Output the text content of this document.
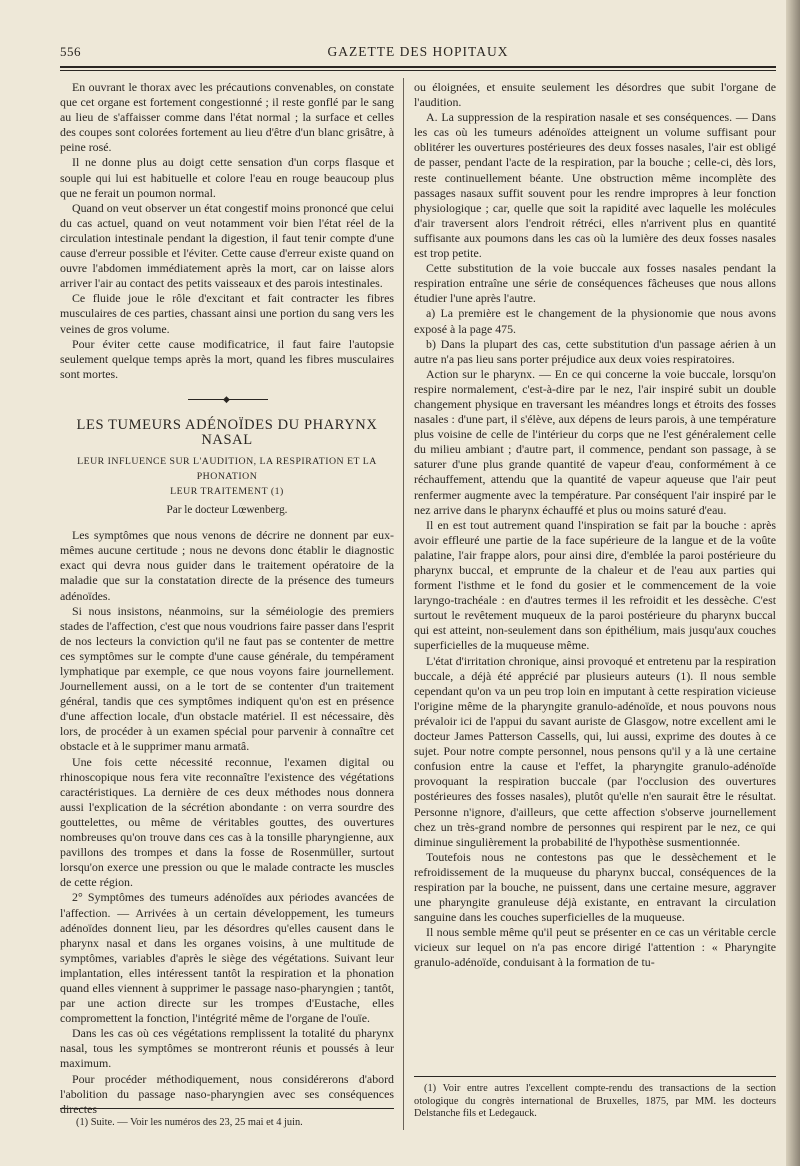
556	GAZETTE DES HOPITAUX

En ouvrant le thorax avec les précautions convenables, on constate que cet organe est fortement congestionné ; il reste gonflé par le sang au lieu de s'affaisser comme dans l'état normal ; la surface et celles des coupes sont colorées fortement au lieu d'être d'un blanc grisâtre, à peine rosé.

Il ne donne plus au doigt cette sensation d'un corps flasque et souple qui lui est habituelle et colore l'eau en rouge beaucoup plus que ne ferait un poumon normal.

Quand on veut observer un état congestif moins prononcé que celui du cas actuel, quand on veut notamment voir bien l'état réel de la circulation intestinale pendant la digestion, il faut tenir compte d'une cause d'erreur possible et l'éviter. Cette cause d'erreur existe quand on ouvre l'abdomen immédiatement après la mort, car on laisse alors arriver l'air au contact des petits vaisseaux et des parois intestinales.

Ce fluide joue le rôle d'excitant et fait contracter les fibres musculaires de ces parties, chassant ainsi une portion du sang vers les veines de gros volume.

Pour éviter cette cause modificatrice, il faut faire l'autopsie seulement quelque temps après la mort, quand les fibres musculaires sont mortes.

◆
LES TUMEURS ADÉNOÏDES DU PHARYNX NASAL
LEUR INFLUENCE SUR L'AUDITION, LA RESPIRATION ET LA PHONATION
LEUR TRAITEMENT (1)
Par le docteur Lœwenberg.

Les symptômes que nous venons de décrire ne donnent par eux-mêmes aucune certitude ; nous ne devons donc établir le diagnostic exact qui devra nous guider dans le traitement opératoire de la maladie que sur la constatation directe de la présence des tumeurs adénoïdes.

Si nous insistons, néanmoins, sur la séméiologie des premiers stades de l'affection, c'est que nous voudrions faire passer dans l'esprit de nos lecteurs la conviction qu'il ne faut pas se contenter de mettre ces symptômes sur le compte d'une cause générale, du tempérament lymphatique par exemple, ce que nous voyons faire journellement. Journellement aussi, on a le tort de se contenter d'un traitement général, tandis que ces symptômes indiquent qu'on est en présence d'une affection locale, d'un obstacle matériel. Il est nécessaire, dès lors, de procéder à un examen spécial pour parvenir à connaître cet obstacle et à le supprimer manu armatâ.

Une fois cette nécessité reconnue, l'examen digital ou rhinoscopique nous fera vite reconnaître l'existence des végétations caractéristiques. La dernière de ces deux méthodes nous donnera aussi l'explication de la sécrétion abondante : on verra sourdre des gouttelettes, ou même de véritables gouttes, des ouvertures nombreuses qu'on trouve dans ces cas à la tonsille pharyngienne, aux pavillons des trompes et dans la fosse de Rosenmüller, surtout lorsqu'on exerce une pression ou que le malade contracte les muscles de cette région.

2° Symptômes des tumeurs adénoïdes aux périodes avancées de l'affection. — Arrivées à un certain développement, les tumeurs adénoïdes donnent lieu, par les désordres qu'elles causent dans le pharynx nasal et dans les organes voisins, à une multitude de symptômes, variables d'après le siège des végétations. Suivant leur implantation, elles intéressent tantôt la respiration et la phonation quand elles viennent à supprimer le passage naso-pharyngien ; tantôt, par une action directe sur les trompes d'Eustache, elles compromettent la fonction, l'intégrité même de l'organe de l'ouïe.

Dans les cas où ces végétations remplissent la totalité du pharynx nasal, tous les symptômes se montreront réunis et poussés à leur maximum.

Pour procéder méthodiquement, nous considérerons d'abord l'abolition du passage naso-pharyngien avec ses conséquences directes

(1) Suite. — Voir les numéros des 23, 25 mai et 4 juin.

ou éloignées, et ensuite seulement les désordres que subit l'organe de l'audition.

A. La suppression de la respiration nasale et ses conséquences. — Dans les cas où les tumeurs adénoïdes atteignent un volume suffisant pour oblitérer les ouvertures postérieures des deux fosses nasales, l'air est obligé de passer, pendant l'acte de la respiration, par la bouche ; celle-ci, dès lors, reste continuellement béante. Une obstruction même incomplète des passages nasaux suffit souvent pour les rendre impropres à leur fonction physiologique ; car, quelle que soit la rapidité avec laquelle les molécules d'air traversent alors l'endroit rétréci, elles n'arrivent plus en quantité suffisante aux poumons dans les cas où la lumière des deux fosses nasales est trop petite.

Cette substitution de la voie buccale aux fosses nasales pendant la respiration entraîne une série de conséquences fâcheuses que nous allons étudier l'une après l'autre.

a) La première est le changement de la physionomie que nous avons exposé à la page 475.

b) Dans la plupart des cas, cette substitution d'un passage aérien à un autre n'a pas lieu sans porter préjudice aux deux voies respiratoires.

Action sur le pharynx. — En ce qui concerne la voie buccale, lorsqu'on respire normalement, c'est-à-dire par le nez, l'air inspiré subit un double changement physique en traversant les méandres longs et étroits des fosses nasales : d'une part, il s'élève, aux dépens de leurs parois, à une température plus voisine de celle de l'intérieur du corps que ne l'est généralement celle du milieu ambiant ; d'autre part, il commence, pendant son passage, à se saturer d'une plus grande quantité de vapeur d'eau, conformément à ce réchauffement, attendu que la quantité de vapeur aqueuse que l'air peut renfermer augmente avec la température. Par conséquent l'air inspiré par le nez arrive dans le pharynx échauffé et plus ou moins saturé d'eau.

Il en est tout autrement quand l'inspiration se fait par la bouche : après avoir effleuré une partie de la face supérieure de la langue et de la voûte palatine, l'air frappe alors, pour ainsi dire, d'emblée la paroi postérieure du pharynx buccal, et emprunte de la chaleur et de l'eau aux parties qui forment l'isthme et le fond du gosier et le commencement de la voie laryngo-trachéale : en d'autres termes il les refroidit et les dessèche. C'est surtout le revêtement muqueux de la paroi postérieure du pharynx buccal qui est atteint, non-seulement dans son épithélium, mais jusqu'aux couches superficielles de la muqueuse même.

L'état d'irritation chronique, ainsi provoqué et entretenu par la respiration buccale, a déjà été apprécié par plusieurs auteurs (1). Il nous semble cependant qu'on va un peu trop loin en imputant à cette respiration vicieuse l'origine même de la pharyngite granulo-adénoïde, et nous pouvons nous prévaloir ici de l'appui du savant auriste de Glasgow, notre excellent ami le docteur James Patterson Cassells, qui, lui aussi, exprime des doutes à ce sujet. Pour notre compte personnel, nous pensons qu'il y a là une certaine confusion entre la cause et l'effet, la pharyngite granulo-adénoïde provoquant la respiration buccale (par l'occlusion des ouvertures postérieures des fosses nasales), plutôt qu'elle n'en saurait être le résultat. Personne n'ignore, d'ailleurs, que cette affection s'observe journellement chez un très-grand nombre de personnes qui respirent par le nez, ce qui diminue singulièrement la probabilité de l'hypothèse susmentionnée.

Toutefois nous ne contestons pas que le dessèchement et le refroidissement de la muqueuse du pharynx buccal, conséquences de la respiration par la bouche, ne puissent, dans une certaine mesure, aggraver une pharyngite granuleuse déjà existante, en entravant la circulation sanguine dans les couches superficielles de la muqueuse.

Il nous semble même qu'il peut se présenter en ce cas un véritable cercle vicieux sur lequel on n'a pas encore dirigé l'attention : « Pharyngite granulo-adénoïde, conduisant à la formation de tu-

(1) Voir entre autres l'excellent compte-rendu des transactions de la section otologique du congrès international de Bruxelles, 1875, par MM. les docteurs Delstanche fils et Ledegauck.
